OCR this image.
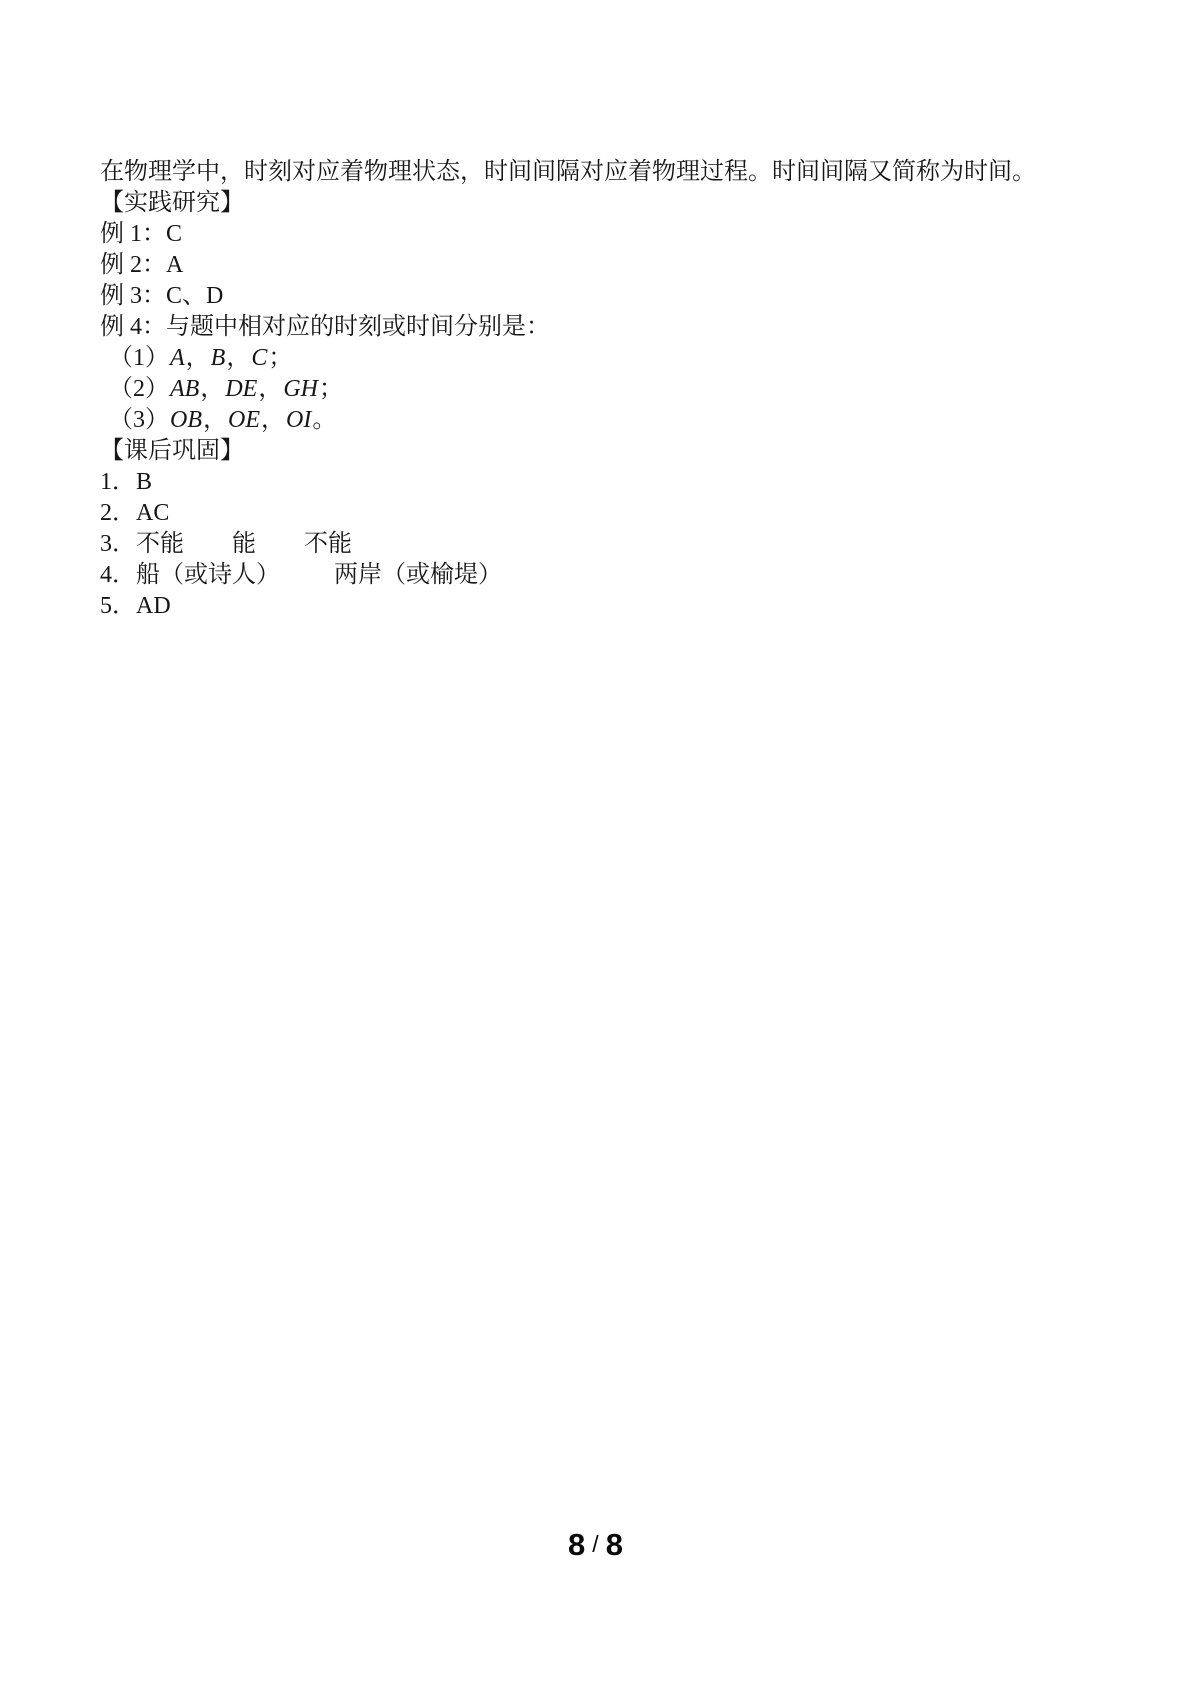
在物理学中，时刻对应着物理状态，时间间隔对应着物理过程。时间间隔又简称为时间。

【实践研究】

例 1：C

例 2：A

例 3：C、D

例 4：与题中相对应的时刻或时间分别是：

（1）A，B，C；

（2）AB，DE，GH；

（3）OB，OE，OI。

【课后巩固】

1．B

2．AC

3．不能 能 不能

4．船（或诗人） 两岸（或榆堤）

5．AD

8 / 8
